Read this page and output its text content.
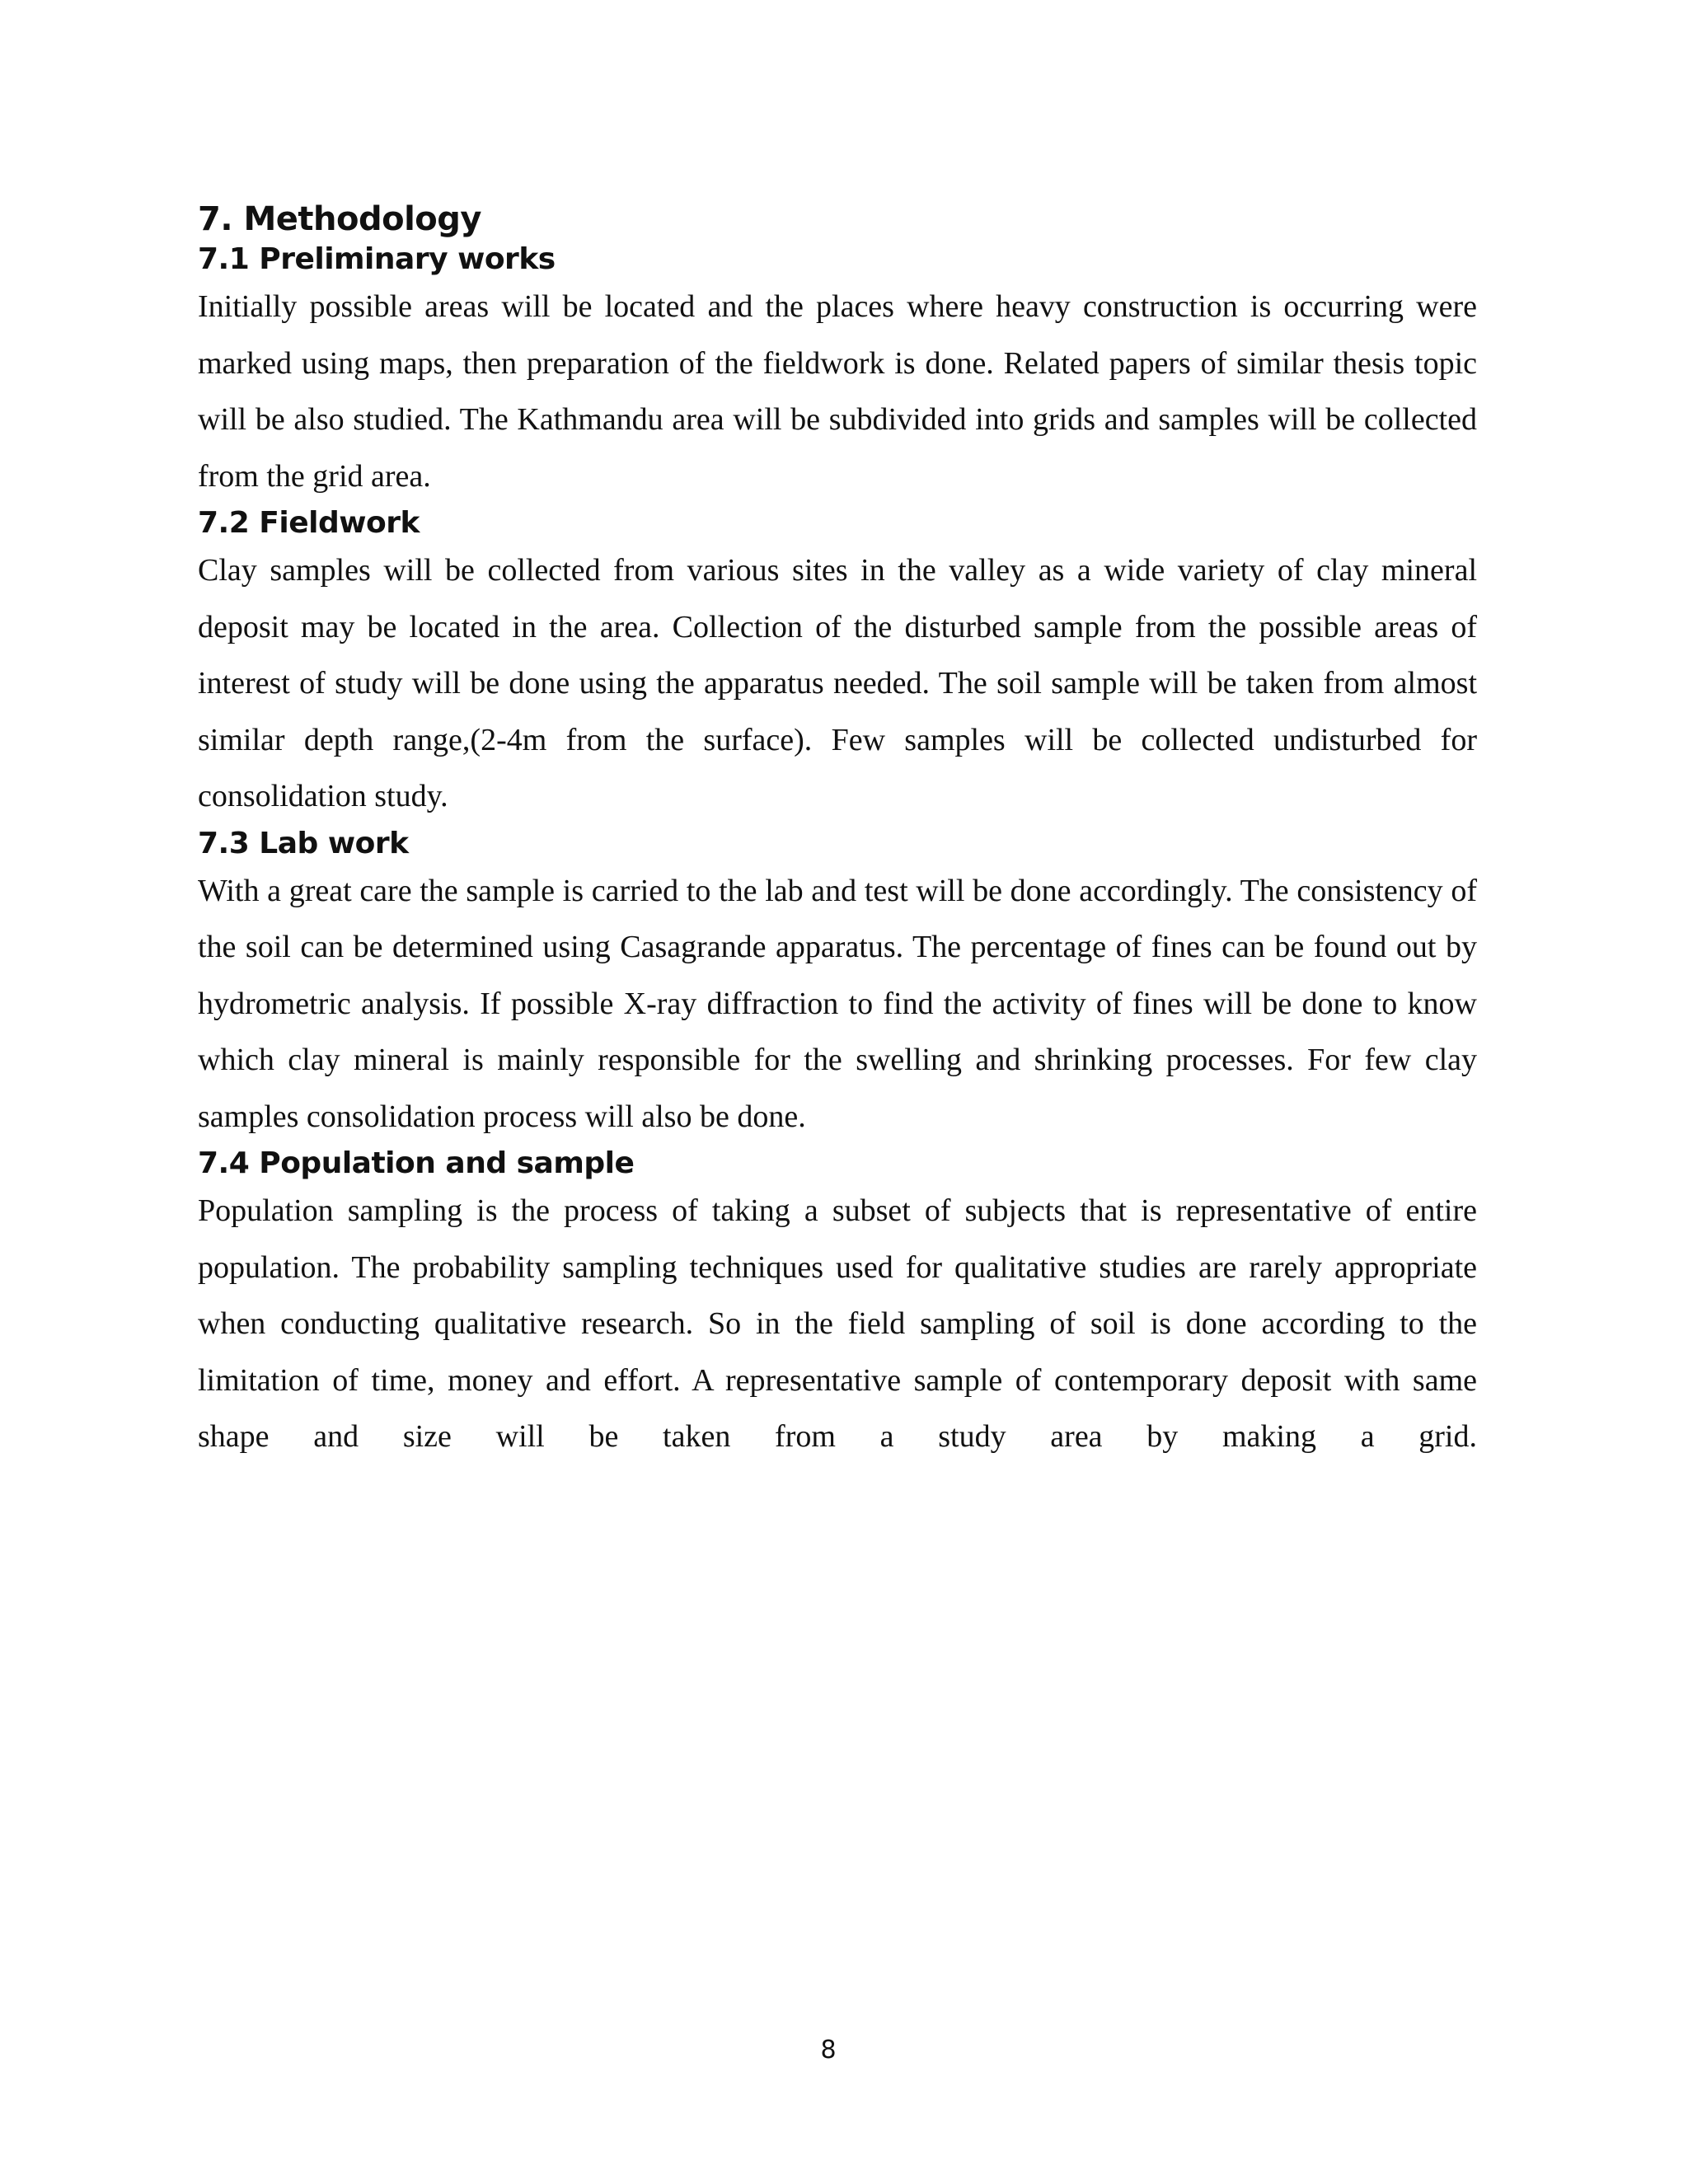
7. Methodology
7.1 Preliminary works

Initially possible areas will be located and the places where heavy construction is occurring were marked using maps, then preparation of the fieldwork is done. Related papers of similar thesis topic will be also studied. The Kathmandu area will be subdivided into grids and samples will be collected from the grid area.

7.2 Fieldwork

Clay samples will be collected from various sites in the valley as a wide variety of clay mineral deposit may be located in the area. Collection of the disturbed sample from the possible areas of interest of study will be done using the apparatus needed. The soil sample will be taken from almost similar depth range,(2-4m from the surface). Few samples will be collected undisturbed for consolidation study.

7.3 Lab work

With a great care the sample is carried to the lab and test will be done accordingly. The consistency of the soil can be determined using Casagrande apparatus. The percentage of fines can be found out by hydrometric analysis. If possible X-ray diffraction to find the activity of fines will be done to know which clay mineral is mainly responsible for the swelling and shrinking processes. For few clay samples consolidation process will also be done.

7.4 Population and sample

Population sampling is the process of taking a subset of subjects that is representative of entire population. The probability sampling techniques used for qualitative studies are rarely appropriate when conducting qualitative research. So in the field sampling of soil is done according to the limitation of time, money and effort. A representative sample of contemporary deposit with same shape and size will be taken from a study area by making a grid.

8
